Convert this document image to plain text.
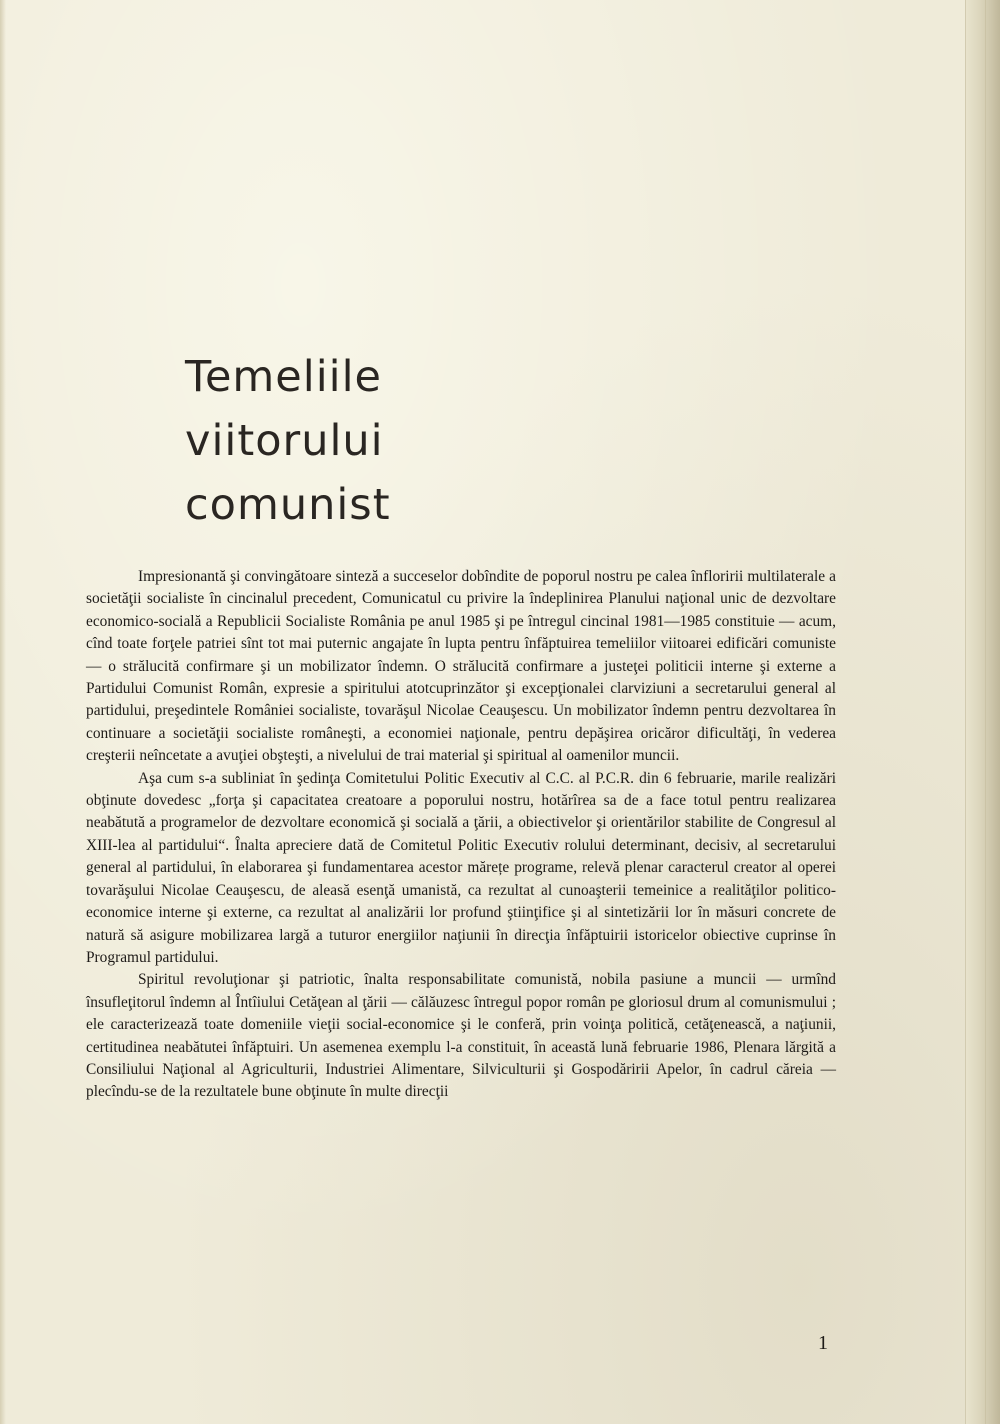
Temeliile
viitorului
comunist

Impresionantă şi convingătoare sinteză a succeselor dobîndite de poporul nostru pe calea înfloririi multilaterale a societăţii socialiste în cincinalul precedent, Comunicatul cu privire la îndeplinirea Planului naţional unic de dezvoltare economico-socială a Republicii Socialiste România pe anul 1985 şi pe întregul cincinal 1981—1985 constituie — acum, cînd toate forţele patriei sînt tot mai puternic angajate în lupta pentru înfăptuirea temeliilor viitoarei edificări comuniste — o strălucită confirmare şi un mobilizator îndemn. O strălucită confirmare a justeţei politicii interne şi externe a Partidului Comunist Român, expresie a spiritului atotcuprinzător şi excepţionalei clarviziuni a secretarului general al partidului, preşedintele României socialiste, tovarăşul Nicolae Ceauşescu. Un mobilizator îndemn pentru dezvoltarea în continuare a societăţii socialiste româneşti, a economiei naţionale, pentru depăşirea oricăror dificultăţi, în vederea creşterii neîncetate a avuţiei obşteşti, a nivelului de trai material şi spiritual al oamenilor muncii.

Aşa cum s-a subliniat în şedinţa Comitetului Politic Executiv al C.C. al P.C.R. din 6 februarie, marile realizări obţinute dovedesc „forţa şi capacitatea creatoare a poporului nostru, hotărîrea sa de a face totul pentru realizarea neabătută a programelor de dezvoltare economică şi socială a ţării, a obiectivelor şi orientărilor stabilite de Congresul al XIII-lea al partidului“. Înalta apreciere dată de Comitetul Politic Executiv rolului determinant, decisiv, al secretarului general al partidului, în elaborarea şi fundamentarea acestor mărețe programe, relevă plenar caracterul creator al operei tovarăşului Nicolae Ceauşescu, de aleasă esenţă umanistă, ca rezultat al cunoaşterii temeinice a realităţilor politico-economice interne şi externe, ca rezultat al analizării lor profund ştiinţifice şi al sintetizării lor în măsuri concrete de natură să asigure mobilizarea largă a tuturor energiilor naţiunii în direcţia înfăptuirii istoricelor obiective cuprinse în Programul partidului.

Spiritul revoluţionar şi patriotic, înalta responsabilitate comunistă, nobila pasiune a muncii — urmînd însufleţitorul îndemn al Întîiului Cetăţean al ţării — călăuzesc întregul popor român pe gloriosul drum al comunismului ; ele caracterizează toate domeniile vieţii social-economice şi le conferă, prin voinţa politică, cetăţenească, a naţiunii, certitudinea neabătutei înfăptuiri. Un asemenea exemplu l-a constituit, în această lună februarie 1986, Plenara lărgită a Consiliului Naţional al Agriculturii, Industriei Alimentare, Silviculturii şi Gospodăririi Apelor, în cadrul căreia — plecîndu-se de la rezultatele bune obţinute în multe direcţii

1
